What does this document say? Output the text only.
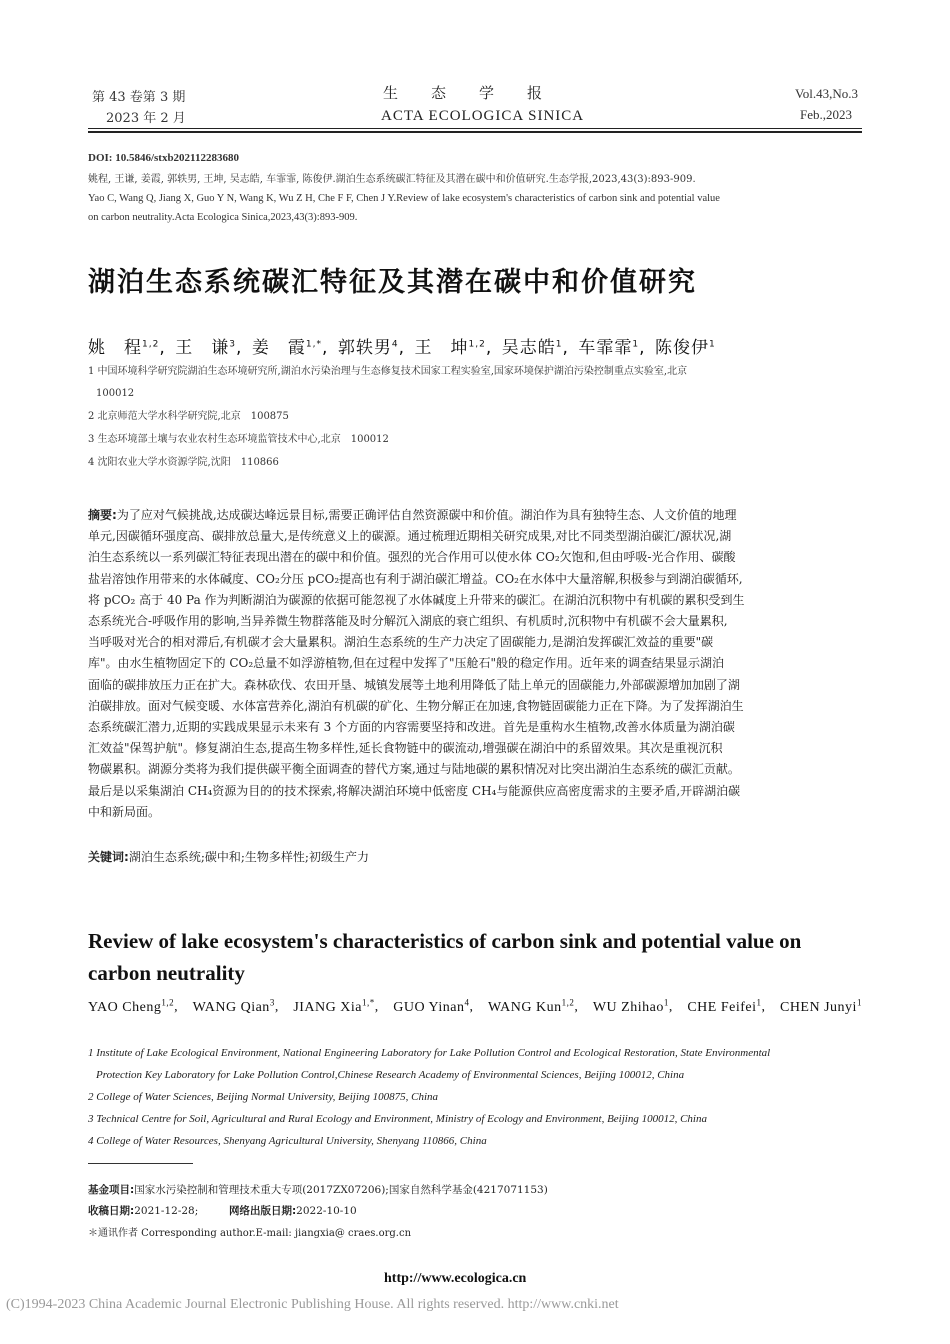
第 43 卷第 3 期
2023 年 2 月
生　　态　　学　　报
ACTA ECOLOGICA SINICA
Vol.43,No.3
Feb.,2023
DOI: 10.5846/stxb202112283680
姚程, 王谦, 姜霞, 郭轶男, 王坤, 吴志皓, 车霏霏, 陈俊伊.湖泊生态系统碳汇特征及其潜在碳中和价值研究.生态学报,2023,43(3):893-909.
Yao C, Wang Q, Jiang X, Guo Y N, Wang K, Wu Z H, Che F F, Chen J Y.Review of lake ecosystem's characteristics of carbon sink and potential value
on carbon neutrality.Acta Ecologica Sinica,2023,43(3):893-909.
湖泊生态系统碳汇特征及其潜在碳中和价值研究
姚　程$^{1,2}$, 王　谦$^3$, 姜　霞$^{1,*}$, 郭轶男$^4$, 王　坤$^{1,2}$, 吴志皓$^1$, 车霏霏$^1$, 陈俊伊$^1$
1 中国环境科学研究院湖泊生态环境研究所,湖泊水污染治理与生态修复技术国家工程实验室,国家环境保护湖泊污染控制重点实验室,北京
100012
2 北京师范大学水科学研究院,北京　100875
3 生态环境部土壤与农业农村生态环境监管技术中心,北京　100012
4 沈阳农业大学水资源学院,沈阳　110866
摘要:为了应对气候挑战,达成碳达峰远景目标,需要正确评估自然资源碳中和价值。湖泊作为具有独特生态、人文价值的地理
单元,因碳循环强度高、碳排放总量大,是传统意义上的碳源。通过梳理近期相关研究成果,对比不同类型湖泊碳汇/源状况,湖
泊生态系统以一系列碳汇特征表现出潜在的碳中和价值。强烈的光合作用可以使水体 CO₂欠饱和,但由呼吸-光合作用、碳酸
盐岩溶蚀作用带来的水体碱度、CO₂分压 pCO₂提高也有利于湖泊碳汇增益。CO₂在水体中大量溶解,积极参与到湖泊碳循环,
将 pCO₂ 高于 40 Pa 作为判断湖泊为碳源的依据可能忽视了水体碱度上升带来的碳汇。在湖泊沉积物中有机碳的累积受到生
态系统光合-呼吸作用的影响,当异养微生物群落能及时分解沉入湖底的衰亡组织、有机质时,沉积物中有机碳不会大量累积,
当呼吸对光合的相对滞后,有机碳才会大量累积。湖泊生态系统的生产力决定了固碳能力,是湖泊发挥碳汇效益的重要"碳
库"。由水生植物固定下的 CO₂总量不如浮游植物,但在过程中发挥了"压舱石"般的稳定作用。近年来的调查结果显示湖泊
面临的碳排放压力正在扩大。森林砍伐、农田开垦、城镇发展等土地利用降低了陆上单元的固碳能力,外部碳源增加加剧了湖
泊碳排放。面对气候变暖、水体富营养化,湖泊有机碳的矿化、生物分解正在加速,食物链固碳能力正在下降。为了发挥湖泊生
态系统碳汇潜力,近期的实践成果显示未来有 3 个方面的内容需要坚持和改进。首先是重构水生植物,改善水体质量为湖泊碳
汇效益"保驾护航"。修复湖泊生态,提高生物多样性,延长食物链中的碳流动,增强碳在湖泊中的系留效果。其次是重视沉积
物碳累积。湖源分类将为我们提供碳平衡全面调查的替代方案,通过与陆地碳的累积情况对比突出湖泊生态系统的碳汇贡献。
最后是以采集湖泊 CH₄资源为目的的技术探索,将解决湖泊环境中低密度 CH₄与能源供应高密度需求的主要矛盾,开辟湖泊碳
中和新局面。
关键词:湖泊生态系统;碳中和;生物多样性;初级生产力
Review of lake ecosystem's characteristics of carbon sink and potential value on
carbon neutrality
YAO Cheng$^{1,2}$, WANG Qian$^3$, JIANG Xia$^{1,*}$, GUO Yinan$^4$, WANG Kun$^{1,2}$, WU Zhihao$^1$, CHE Feifei$^1$, CHEN Junyi$^1$
1 Institute of Lake Ecological Environment, National Engineering Laboratory for Lake Pollution Control and Ecological Restoration, State Environmental
Protection Key Laboratory for Lake Pollution Control,Chinese Research Academy of Environmental Sciences, Beijing 100012, China
2 College of Water Sciences, Beijing Normal University, Beijing 100875, China
3 Technical Centre for Soil, Agricultural and Rural Ecology and Environment, Ministry of Ecology and Environment, Beijing 100012, China
4 College of Water Resources, Shenyang Agricultural University, Shenyang 110866, China
基金项目:国家水污染控制和管理技术重大专项(2017ZX07206);国家自然科学基金(4217071153)
收稿日期:2021-12-28;	网络出版日期:2022-10-10
＊通讯作者 Corresponding author.E-mail: jiangxia@ craes.org.cn
http://www.ecologica.cn
(C)1994-2023 China Academic Journal Electronic Publishing House. All rights reserved. http://www.cnki.net
